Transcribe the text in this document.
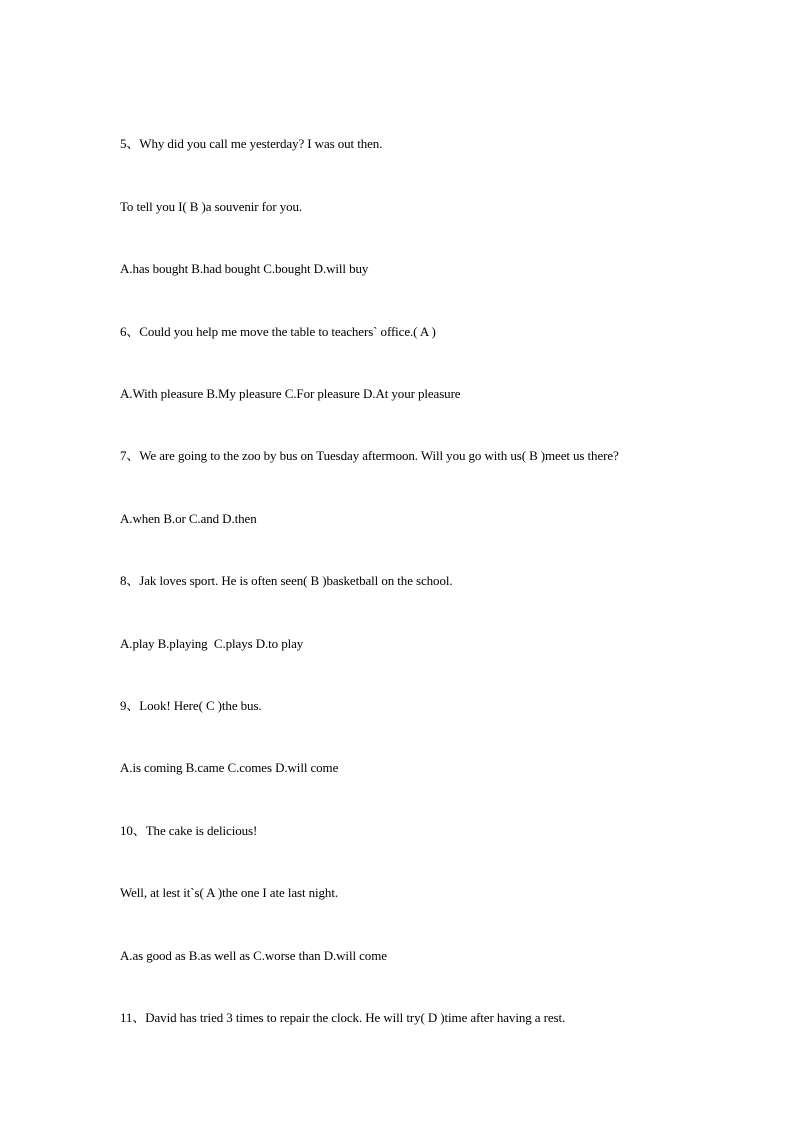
5、Why did you call me yesterday? I was out then.
To tell you I( B )a souvenir for you.
A.has bought B.had bought C.bought D.will buy
6、Could you help me move the table to teachers` office.( A )
A.With pleasure B.My pleasure C.For pleasure D.At your pleasure
7、We are going to the zoo by bus on Tuesday aftermoon. Will you go with us( B )meet us there?
A.when B.or C.and D.then
8、Jak loves sport. He is often seen( B )basketball on the school.
A.play B.playing  C.plays D.to play
9、Look! Here( C )the bus.
A.is coming B.came C.comes D.will come
10、The cake is delicious!
Well, at lest it`s( A )the one I ate last night.
A.as good as B.as well as C.worse than D.will come
11、David has tried 3 times to repair the clock. He will try( D )time after having a rest.
